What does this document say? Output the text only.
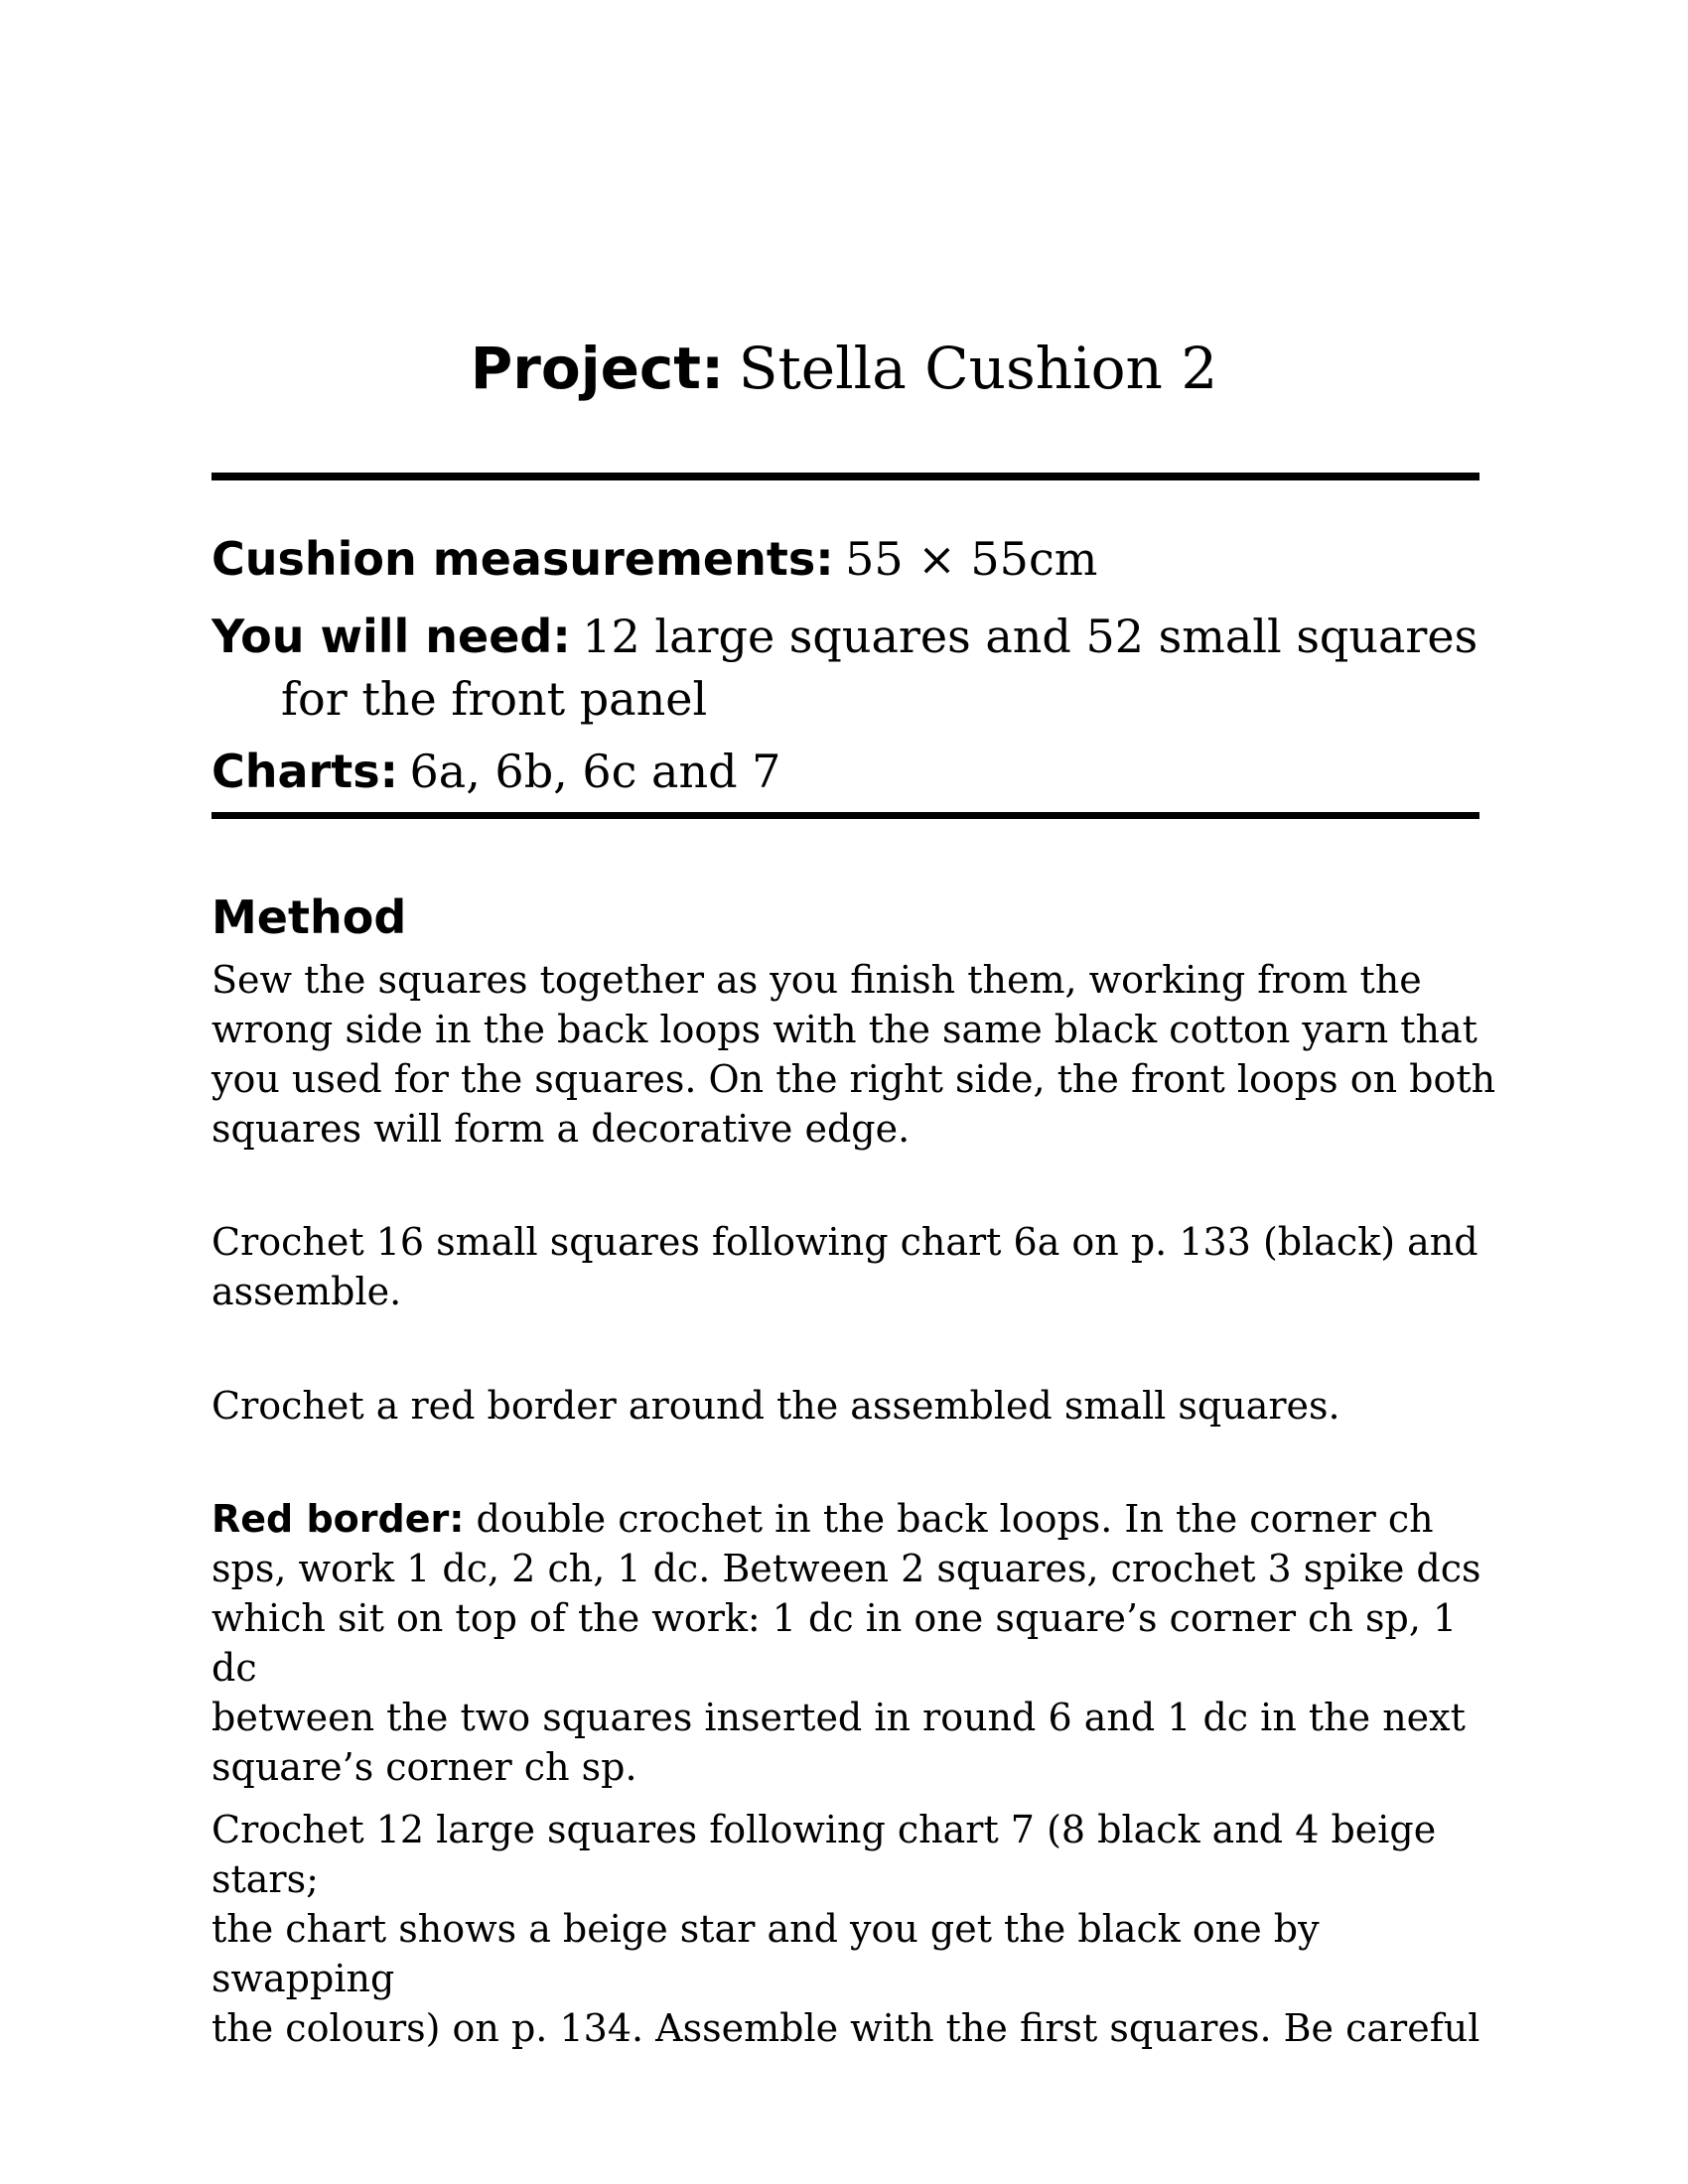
Project: Stella Cushion 2
Cushion measurements: 55 × 55cm
You will need: 12 large squares and 52 small squares for the front panel
Charts: 6a, 6b, 6c and 7
Method
Sew the squares together as you finish them, working from the
wrong side in the back loops with the same black cotton yarn that
you used for the squares. On the right side, the front loops on both
squares will form a decorative edge.
Crochet 16 small squares following chart 6a on p. 133 (black) and
assemble.
Crochet a red border around the assembled small squares.
Red border: double crochet in the back loops. In the corner ch
sps, work 1 dc, 2 ch, 1 dc. Between 2 squares, crochet 3 spike dcs
which sit on top of the work: 1 dc in one square’s corner ch sp, 1 dc
between the two squares inserted in round 6 and 1 dc in the next
square’s corner ch sp.
Crochet 12 large squares following chart 7 (8 black and 4 beige stars;
the chart shows a beige star and you get the black one by swapping
the colours) on p. 134. Assemble with the first squares. Be careful
